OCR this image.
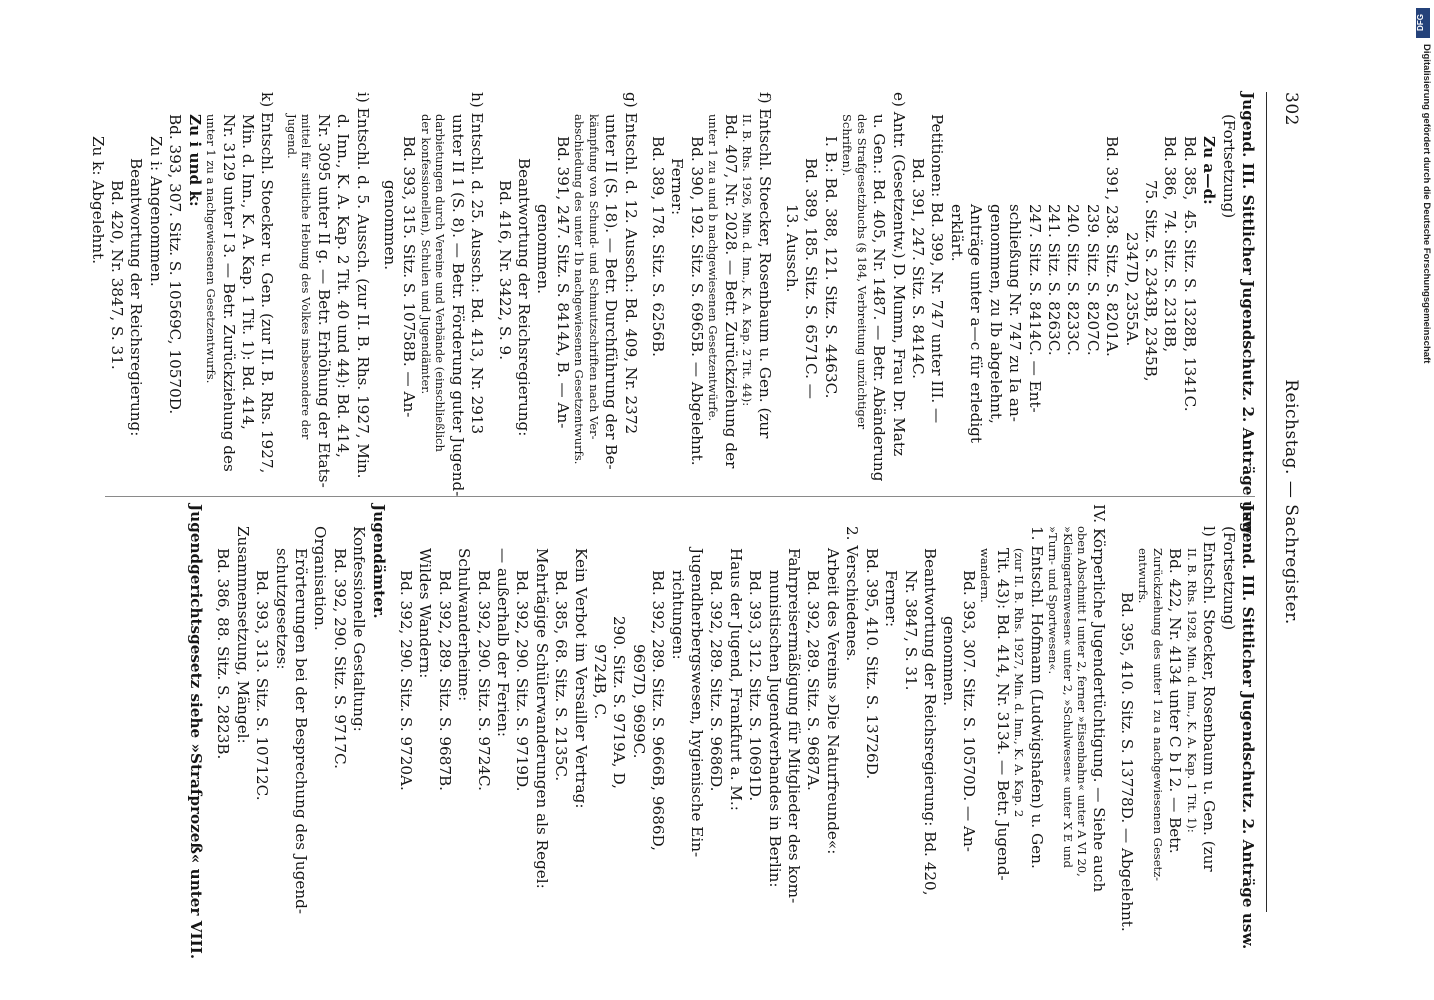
302
Reichstag. — Sachregister.
Jugend. III. Sittlicher Jugendschutz. 2. Anträge usw.
(Fortsetzung)
Zu a—d:
Bd. 385,  45. Sitz. S. 1328B, 1341C.
Bd. 386,  74. Sitz. S. 2318B,
75. Sitz. S. 2343B, 2345B,
2347D, 2355A.
Bd. 391, 238. Sitz. S. 8201A.
239. Sitz. S. 8207C.
240. Sitz. S. 8233C.
241. Sitz. S. 8263C.
247. Sitz. S. 8414C. — Ent-
schließung Nr. 747 zu Ia an-
genommen, zu Ib abgelehnt,
Anträge unter a—c für erledigt
erklärt.
Petitionen: Bd. 399, Nr. 747 unter III. —
Bd. 391, 247. Sitz. S. 8414C.
e) Antr. (Gesetzentw.) D. Mumm, Frau Dr. Matz
u. Gen.: Bd. 405, Nr. 1487. — Betr. Abänderung
des Strafgesetzbuchs (§ 184, Verbreitung unzüchtiger
Schriften).
I. B.: Bd. 388, 121. Sitz. S. 4463C.
Bd. 389, 185. Sitz. S. 6571C. —
13. Aussch.
f) Entschl. Stoecker, Rosenbaum u. Gen. (zur
II. B. Rhs. 1926, Min. d. Inn., K. A. Kap. 2 Tit. 44):
Bd. 407, Nr. 2028. — Betr. Zurückziehung der
unter 1 zu a und b nachgewiesenen Gesetzentwürfe.
Bd. 390, 192. Sitz. S. 6965B. — Abgelehnt.
Ferner:
Bd. 389, 178. Sitz. S. 6256B.
g) Entschl. d. 12. Aussch.: Bd. 409, Nr. 2372
unter II (S. 18). — Betr. Durchführung der Be-
kämpfung von Schund- und Schmutzschriften nach Ver-
abschiedung des unter 1b nachgewiesenen Gesetzentwurfs.
Bd. 391, 247. Sitz. S. 8414A, B. — An-
genommen.
Beantwortung der Reichsregierung:
Bd. 416, Nr. 3422, S. 9.
h) Entschl. d. 25. Aussch.: Bd. 413, Nr. 2913
unter II 1 (S. 8). — Betr. Förderung guter Jugend-
darbietungen durch Vereine und Verbände (einschließlich
der konfessionellen), Schulen und Jugendämter.
Bd. 393, 315. Sitz. S. 10758B. — An-
genommen.
i) Entschl. d. 5. Aussch. (zur II. B. Rhs. 1927, Min.
d. Inn., K. A. Kap. 2 Tit. 40 und 44): Bd. 414,
Nr. 3095 unter II g. — Betr. Erhöhung der Etats-
mittel für sittliche Hebung des Volkes insbesondere der
Jugend.
k) Entschl. Stoecker u. Gen. (zur II. B. Rhs. 1927,
Min. d. Inn., K. A. Kap. 1 Tit. 1): Bd. 414,
Nr. 3129 unter I 3. — Betr. Zurückziehung des
unter 1 zu a nachgewiesenen Gesetzentwurfs.
Zu i und k:
Bd. 393, 307. Sitz. S. 10569C, 10570D.
Zu i: Angenommen.
Beantwortung der Reichsregierung:
Bd. 420, Nr. 3847, S. 31.
Zu k: Abgelehnt.
Jugend. III. Sittlicher Jugendschutz. 2. Anträge usw.
(Fortsetzung)
l) Entschl. Stoecker, Rosenbaum u. Gen. (zur
II. B. Rhs. 1928, Min. d. Inn., K. A. Kap. 1 Tit. 1):
Bd. 422, Nr. 4134 unter C b I 2. — Betr.
Zurückziehung des unter 1 zu a nachgewiesenen Gesetz-
entwurfs.
Bd. 395, 410. Sitz. S. 13778D. — Abgelehnt.
IV. Körperliche Jugendertüchtigung. — Siehe auch
oben Abschnitt I unter 2, ferner »Eisenbahn« unter A VI 20,
»Kleingartenwesen« unter 2, »Schulwesen« unter X E und
»Turn- und Sportwesen«.
1. Entschl. Hofmann (Ludwigshafen) u. Gen.
(zur II. B. Rhs. 1927, Min. d. Inn., K. A. Kap. 2
Tit. 43): Bd. 414, Nr. 3134. — Betr. Jugend-
wandern.
Bd. 393, 307. Sitz. S. 10570D. — An-
genommen.
Beantwortung der Reichsregierung: Bd. 420,
Nr. 3847, S. 31.
Ferner:
Bd. 395, 410. Sitz. S. 13726D.
2. Verschiedenes.
Arbeit des Vereins »Die Naturfreunde«:
Bd. 392, 289. Sitz. S. 9687A.
Fahrpreisermäßigung für Mitglieder des kom-
munistischen Jugendverbandes in Berlin:
Bd. 393, 312. Sitz. S. 10691D.
Haus der Jugend, Frankfurt a. M.:
Bd. 392, 289. Sitz. S. 9686D.
Jugendherbergswesen, hygienische Ein-
richtungen:
Bd. 392, 289. Sitz. S. 9666B, 9686D,
9697D, 9699C.
290. Sitz. S. 9719A, D,
9724B, C.
Kein Verbot im Versailler Vertrag:
Bd. 385, 68. Sitz. S. 2135C.
Mehrtägige Schülerwanderungen als Regel:
Bd. 392, 290. Sitz. S. 9719D.
— außerhalb der Ferien:
Bd. 392, 290. Sitz. S. 9724C.
Schulwanderheime:
Bd. 392, 289. Sitz. S. 9687B.
Wildes Wandern:
Bd. 392, 290. Sitz. S. 9720A.
Jugendämter.
Konfessionelle Gestaltung:
Bd. 392, 290. Sitz. S. 9717C.
Organisation.
Erörterungen bei der Besprechung des Jugend-
schutzgesetzes:
Bd. 393, 313. Sitz. S. 10712C.
Zusammensetzung, Mängel:
Bd. 386, 88. Sitz. S. 2823B.
Jugendgerichtsgesetz siehe »Strafprozeß« unter VIII.
DFG
Digitalisierung gefördert durch die Deutsche Forschungsgemeinschaft
